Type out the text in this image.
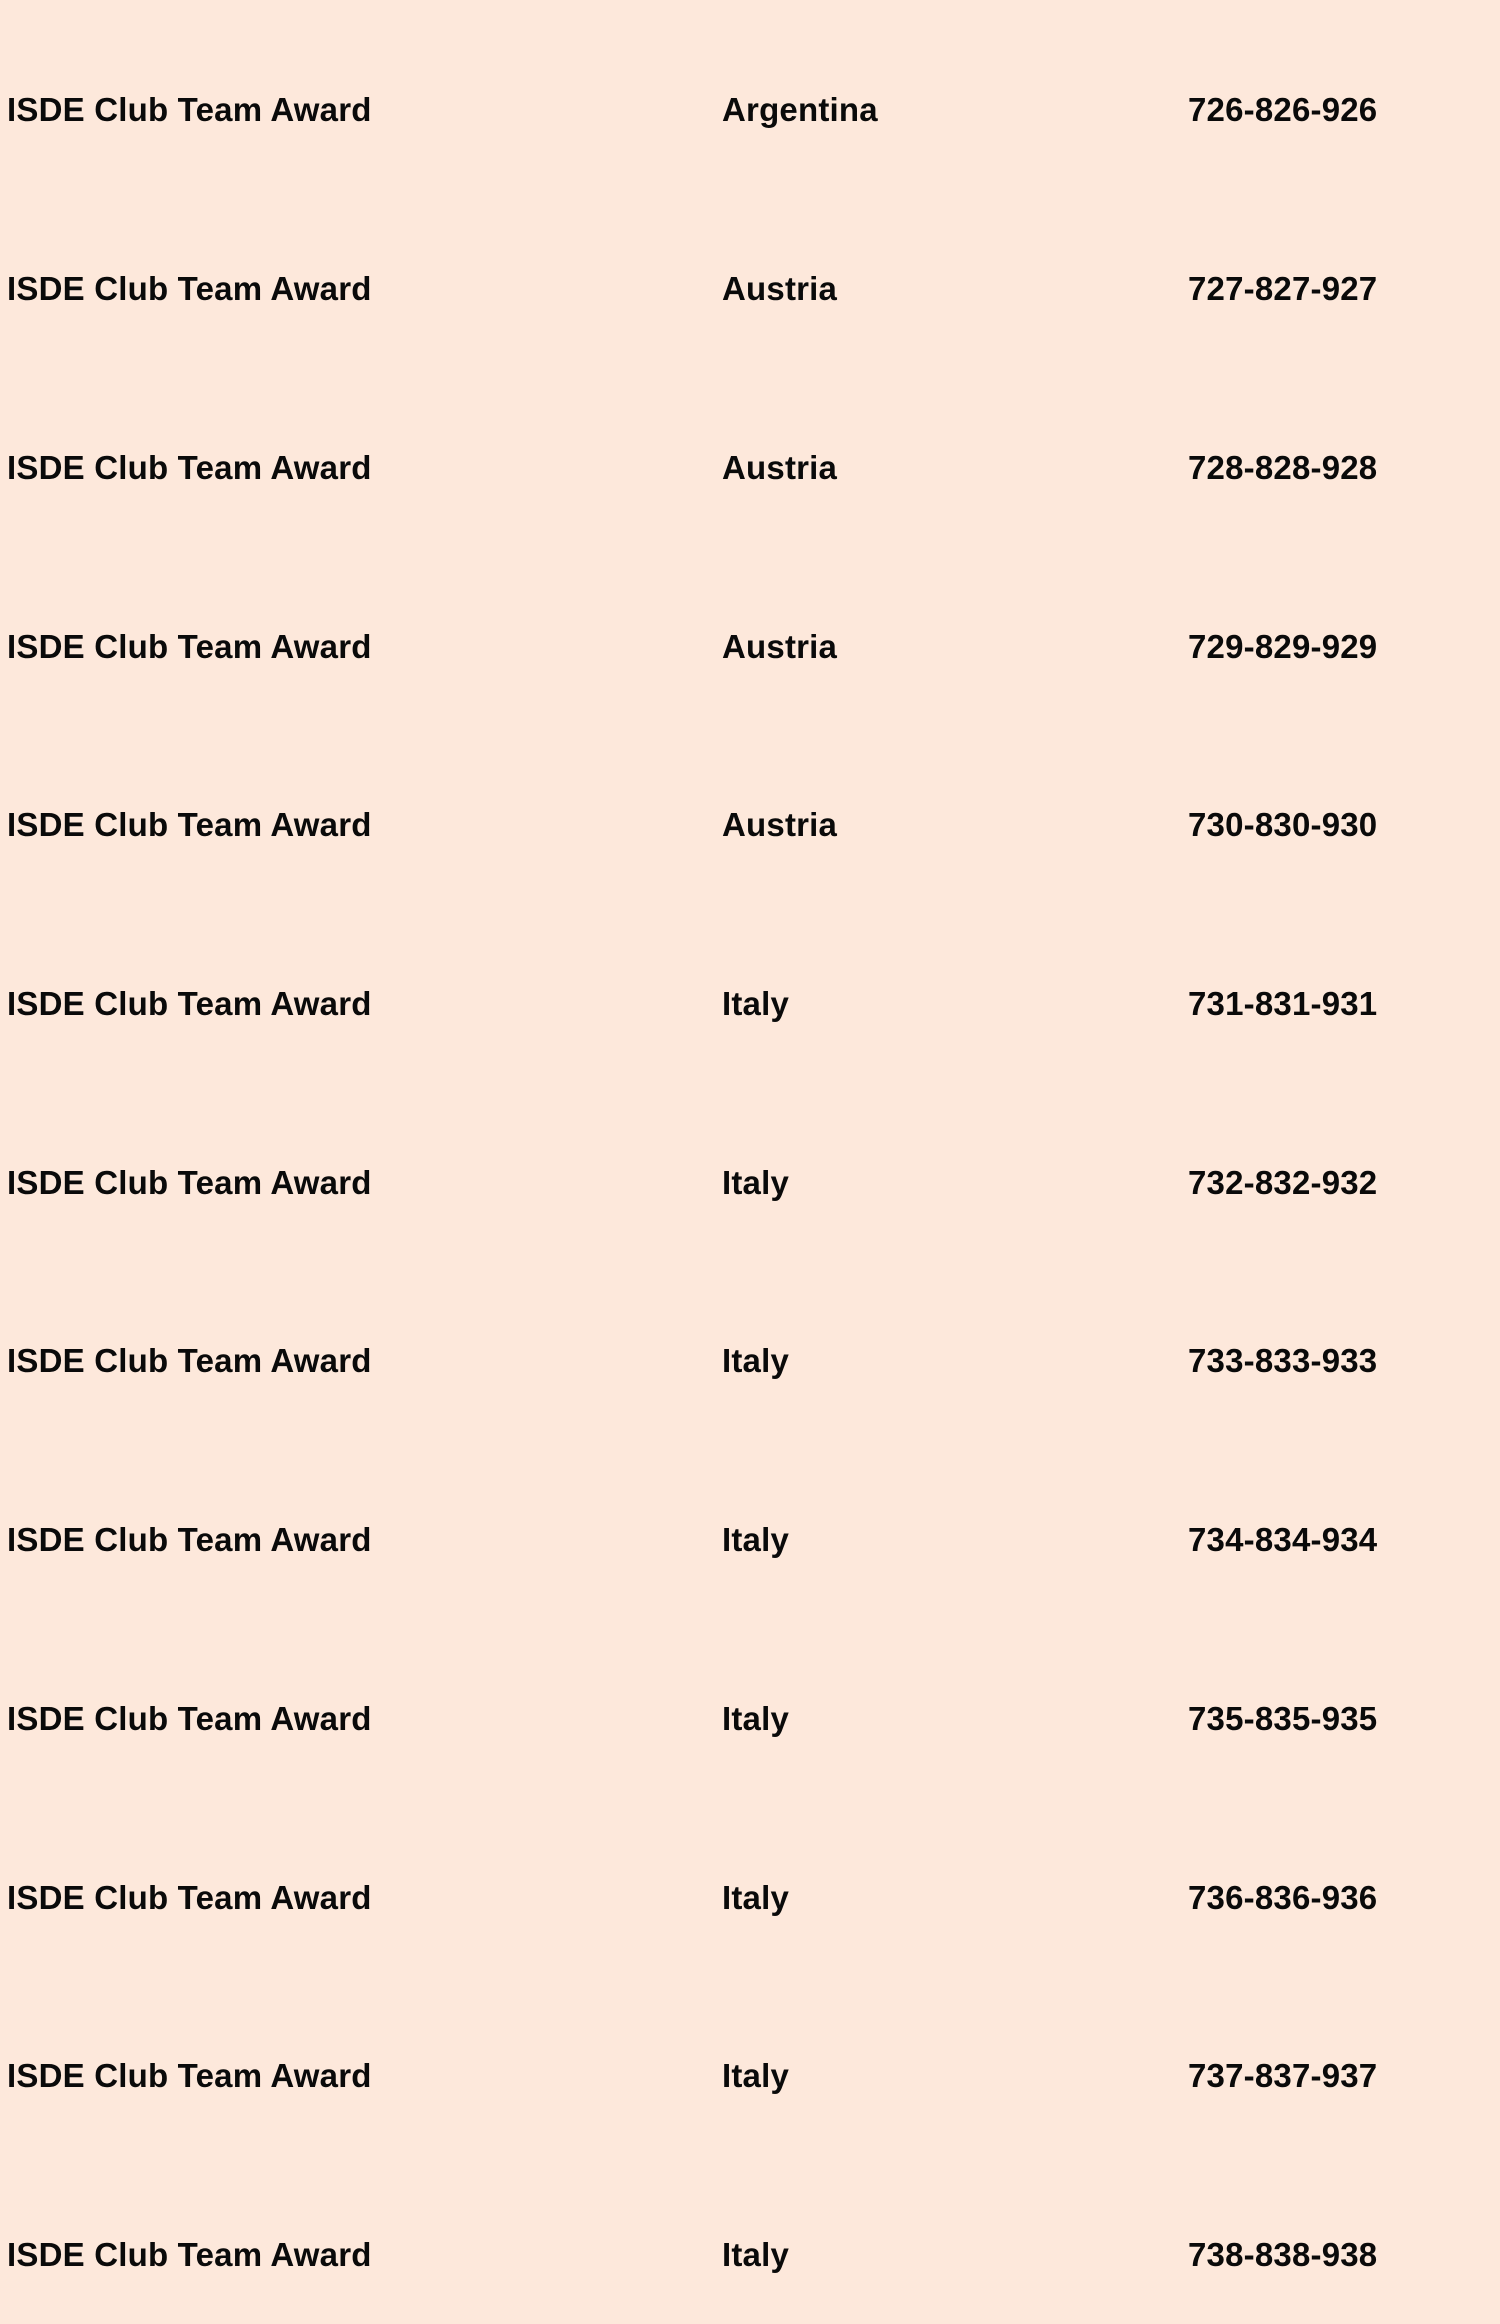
ISDE Club Team Award	Argentina	726-826-926
ISDE Club Team Award	Austria	727-827-927
ISDE Club Team Award	Austria	728-828-928
ISDE Club Team Award	Austria	729-829-929
ISDE Club Team Award	Austria	730-830-930
ISDE Club Team Award	Italy	731-831-931
ISDE Club Team Award	Italy	732-832-932
ISDE Club Team Award	Italy	733-833-933
ISDE Club Team Award	Italy	734-834-934
ISDE Club Team Award	Italy	735-835-935
ISDE Club Team Award	Italy	736-836-936
ISDE Club Team Award	Italy	737-837-937
ISDE Club Team Award	Italy	738-838-938
